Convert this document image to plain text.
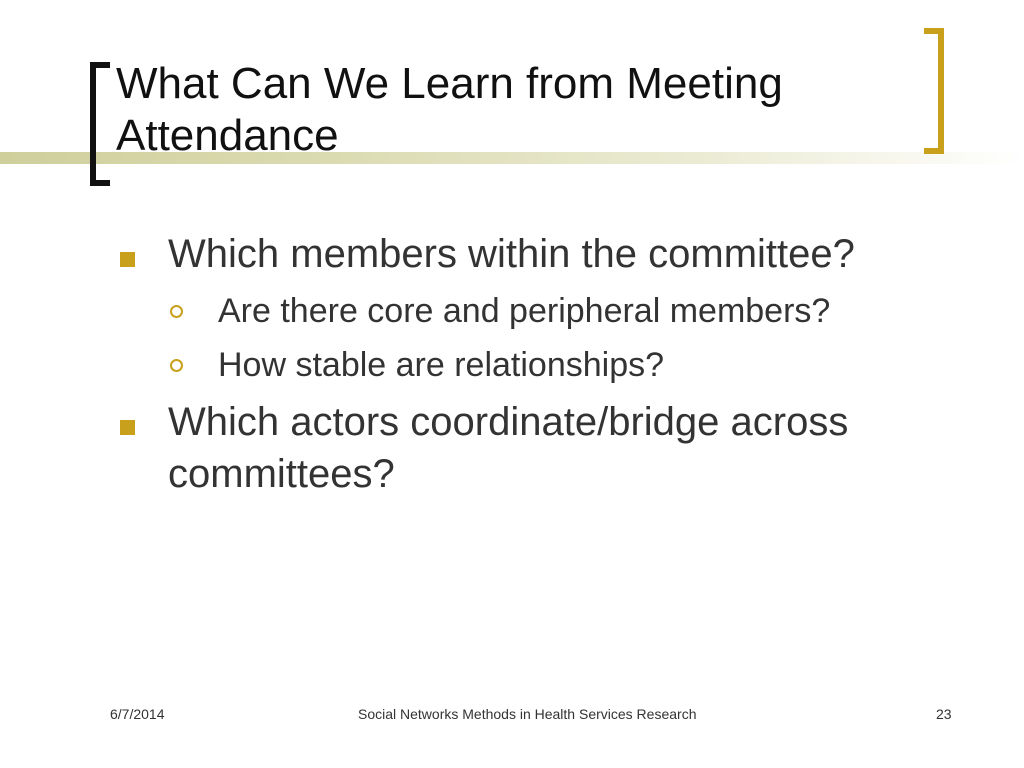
What Can We Learn from Meeting Attendance
Which members within the committee?
Are there core and peripheral members?
How stable are relationships?
Which actors coordinate/bridge across committees?
6/7/2014	Social Networks Methods in Health Services Research	23
